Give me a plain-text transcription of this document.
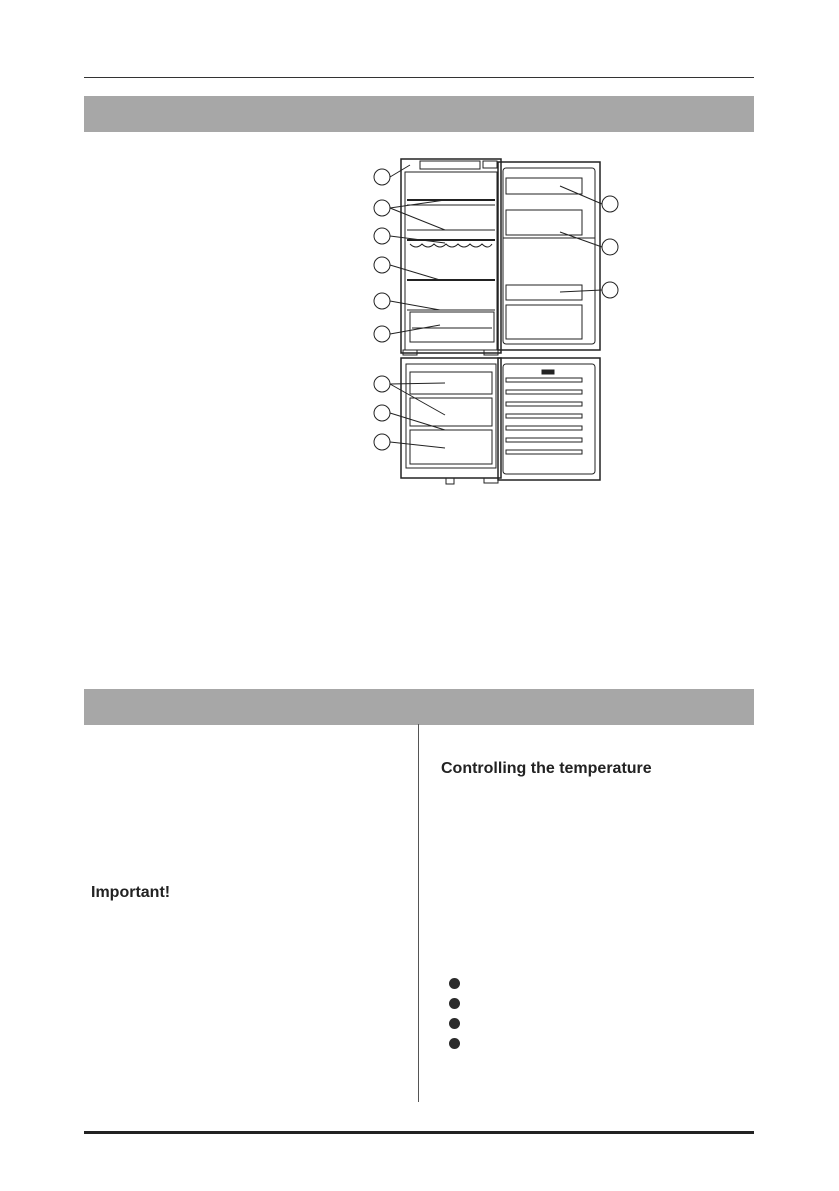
Important!
Controlling the temperature
